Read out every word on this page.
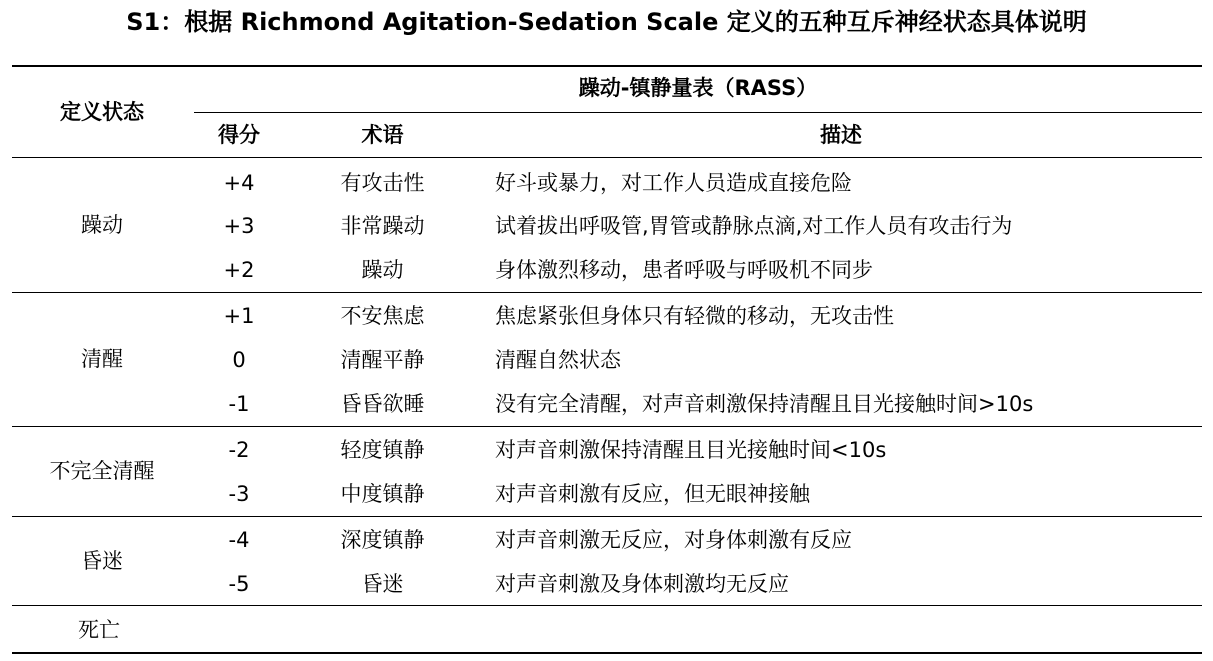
S1：根据 Richmond Agitation-Sedation Scale 定义的五种互斥神经状态具体说明
定义状态
躁动-镇静量表（RASS）
得分	术语	描述
躁动
+4	有攻击性	好斗或暴力，对工作人员造成直接危险
+3	非常躁动	试着拔出呼吸管,胃管或静脉点滴,对工作人员有攻击行为
+2	躁动	身体激烈移动，患者呼吸与呼吸机不同步
清醒
+1	不安焦虑	焦虑紧张但身体只有轻微的移动，无攻击性
0	清醒平静	清醒自然状态
-1	昏昏欲睡	没有完全清醒，对声音刺激保持清醒且目光接触时间>10s
不完全清醒
-2	轻度镇静	对声音刺激保持清醒且目光接触时间<10s
-3	中度镇静	对声音刺激有反应，但无眼神接触
昏迷
-4	深度镇静	对声音刺激无反应，对身体刺激有反应
-5	昏迷	对声音刺激及身体刺激均无反应
死亡
